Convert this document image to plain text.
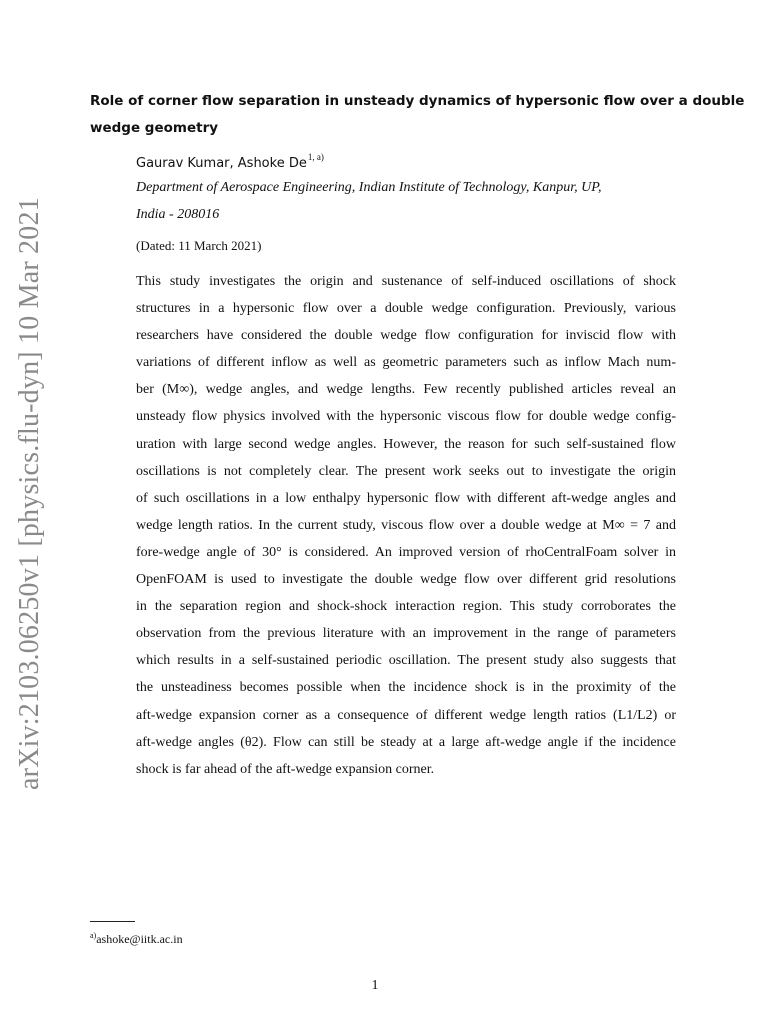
arXiv:2103.06250v1 [physics.flu-dyn] 10 Mar 2021
Role of corner flow separation in unsteady dynamics of hypersonic flow over a double
wedge geometry
Gaurav Kumar, Ashoke De$^{1, a)}$
Department of Aerospace Engineering, Indian Institute of Technology, Kanpur, UP,
India - 208016
(Dated: 11 March 2021)
This study investigates the origin and sustenance of self-induced oscillations of shock
structures in a hypersonic flow over a double wedge configuration. Previously, various
researchers have considered the double wedge flow configuration for inviscid flow with
variations of different inflow as well as geometric parameters such as inflow Mach num-
ber (M∞), wedge angles, and wedge lengths. Few recently published articles reveal an
unsteady flow physics involved with the hypersonic viscous flow for double wedge config-
uration with large second wedge angles. However, the reason for such self-sustained flow
oscillations is not completely clear. The present work seeks out to investigate the origin
of such oscillations in a low enthalpy hypersonic flow with different aft-wedge angles and
wedge length ratios. In the current study, viscous flow over a double wedge at M∞ = 7 and
fore-wedge angle of 30° is considered. An improved version of rhoCentralFoam solver in
OpenFOAM is used to investigate the double wedge flow over different grid resolutions
in the separation region and shock-shock interaction region. This study corroborates the
observation from the previous literature with an improvement in the range of parameters
which results in a self-sustained periodic oscillation. The present study also suggests that
the unsteadiness becomes possible when the incidence shock is in the proximity of the
aft-wedge expansion corner as a consequence of different wedge length ratios (L1/L2) or
aft-wedge angles (θ2). Flow can still be steady at a large aft-wedge angle if the incidence
shock is far ahead of the aft-wedge expansion corner.
$^{a)}$ashoke@iitk.ac.in
1
